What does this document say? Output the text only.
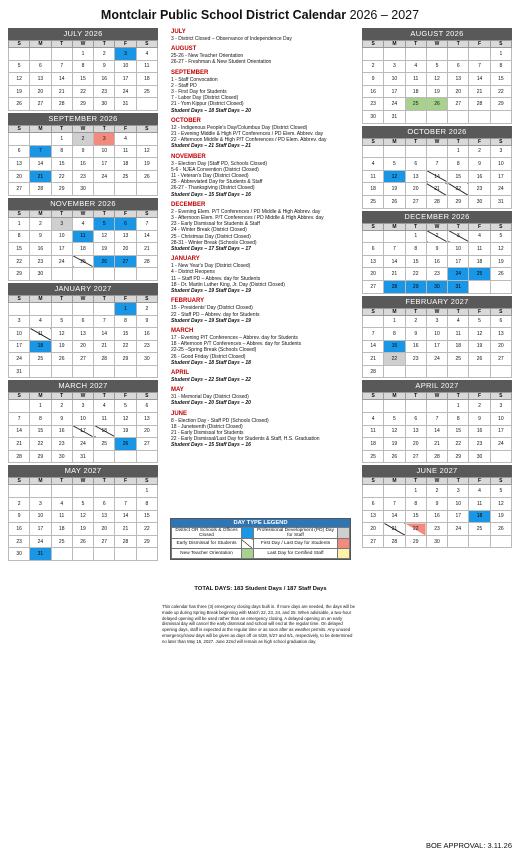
Montclair Public School District Calendar 2026 – 2027
JULY 2026
S	M	T	W	T	F	S
			1	2	3	4
5	6	7	8	9	10	11
12	13	14	15	16	17	18
19	20	21	22	23	24	25
26	27	28	29	30	31	
SEPTEMBER 2026
S	M	T	W	T	F	S
		1	2	3	4	
6	7	8	9	10	11	12
13	14	15	16	17	18	19
20	21	22	23	24	25	26
27	28	29	30			
NOVEMBER 2026
S	M	T	W	T	F	S
1	2	3	4	5	6	7
8	9	10	11	12	13	14
15	16	17	18	19	20	21
22	23	24	25	26	27	28
29	30					
JANUARY 2027
S	M	T	W	T	F	S
					1	2
3	4	5	6	7	8	9
10	11	12	13	14	15	16
17	18	19	20	21	22	23
24	25	26	27	28	29	30
31						
MARCH 2027
S	M	T	W	T	F	S
	1	2	3	4	5	6
7	8	9	10	11	12	13
14	15	16	17	18	19	20
21	22	23	24	25	26	27
28	29	30	31			
MAY 2027
S	M	T	W	T	F	S
						1
2	3	4	5	6	7	8
9	10	11	12	13	14	15
16	17	18	19	20	21	22
23	24	25	26	27	28	29
30	31					
AUGUST 2026
S	M	T	W	T	F	S
						1
2	3	4	5	6	7	8
9	10	11	12	13	14	15
16	17	18	19	20	21	22
23	24	25	26	27	28	29
30	31					
OCTOBER 2026
S	M	T	W	T	F	S
				1	2	3
4	5	6	7	8	9	10
11	12	13	14	15	16	17
18	19	20	21	22	23	24
25	26	27	28	29	30	31
DECEMBER 2026
S	M	T	W	T	F	S
		1	2	3	4	5
6	7	8	9	10	11	12
13	14	15	16	17	18	19
20	21	22	23	24	25	26
27	28	29	30	31		
FEBRUARY 2027
S	M	T	W	T	F	S
	1	2	3	4	5	6
7	8	9	10	11	12	13
14	15	16	17	18	19	20
21	22	23	24	25	26	27
28						
APRIL 2027
S	M	T	W	T	F	S
				1	2	3
4	5	6	7	8	9	10
11	12	13	14	15	16	17
18	19	20	21	22	23	24
25	26	27	28	29	30	
JUNE 2027
S	M	T	W	T	F	S
		1	2	3	4	5
6	7	8	9	10	11	12
13	14	15	16	17	18	19
20	21	22	23	24	25	26
27	28	29	30			
JULY
3 - District Closed – Observance of Independence Day
AUGUST
25-26 - New Teacher Orientation
26-27 - Freshman & New Student Orientation
SEPTEMBER
1 - Staff Convocation
2 - Staff PD
3 - First Day for Students
7 - Labor Day (District Closed)
21 - Yom Kippur (District Closed)
Student Days – 18 Staff Days – 20
OCTOBER
12 - Indigenous People's Day/Columbus Day (District Closed)
21 - Evening Middle & High P/T Conferences / PD Elem. Abbrev. day
22 - Afternoon Middle & High P/T Conferences / PD Elem. Abbrev. day
Student Days – 21 Staff Days – 21
NOVEMBER
3 - Election Day (Staff PD, Schools Closed)
5-6 - NJEA Convention (District Closed)
11 - Veteran's Day (District Closed)
25 - Abbreviated Day for Students & Staff
26-27 - Thanksgiving (District Closed)
Student Days – 15 Staff Days – 16
DECEMBER
2 - Evening Elem. P/T Conferences / PD Middle & High Abbrev. day
3 - Afternoon Elem. P/T Conferences / PD Middle & High Abbrev. day
23 - Early Dismissal for Students & Staff
24 - Winter Break (District Closed)
25 - Christmas Day (District Closed)
28-31 - Winter Break (Schools Closed)
Student Days – 17 Staff Days – 17
JANUARY
1 - New Year's Day (District Closed)
4 - District Reopens
11 – Staff PD – Abbrev. day for Students
18 - Dr. Martin Luther King, Jr. Day (District Closed)
Student Days – 19 Staff Days – 19
FEBRUARY
15 - Presidents' Day (District Closed)
22 - Staff PD – Abbrev. day for Students
Student Days – 19 Staff Days – 19
MARCH
17 - Evening P/T Conferences – Abbrev. day for Students
18 - Afternoon P/T Conferences – Abbrev. day for Students
22-25 –Spring Break (Schools Closed)
26 - Good Friday (District Closed)
Student Days – 18 Staff Days – 18
APRIL
Student Days – 22 Staff Days – 22
MAY
31 - Memorial Day (District Closed)
Student Days – 20 Staff Days – 20
JUNE
8 - Election Day - Staff PD (Schools Closed)
18 - Juneteenth (District Closed)
21 - Early Dismissal for Students
22 - Early Dismissal/Last Day for Students & Staff, H.S. Graduation
Student Days – 15 Staff Days – 16
DAY TYPE LEGEND
District OR Schools & Offices Closed		Professional Development (PD) Day for Staff	
Early Dismissal for Students		First Day / Last Day for Students	
New Teacher Orientation		Last Day for Certified Staff	
TOTAL DAYS: 183 Student Days / 187 Staff Days
This calendar has three (3) emergency closing days built in. If more days are needed, the days will be made up during Spring Break beginning with March 22, 23, 24, and 25. When advisable, a two-hour delayed opening will be used rather than an emergency closing. A delayed opening on an early dismissal day will cancel the early dismissal and school will end at the regular time. On delayed opening days, staff is expected at the regular time or as soon after as weather permits. Any unused emergency/snow days will be given as days off on 5/28, 5/27 and 6/1, respectively, to be determined no later than May 15, 2027. June 22nd will remain as high school graduation day.
BOE APPROVAL: 3.11.26
